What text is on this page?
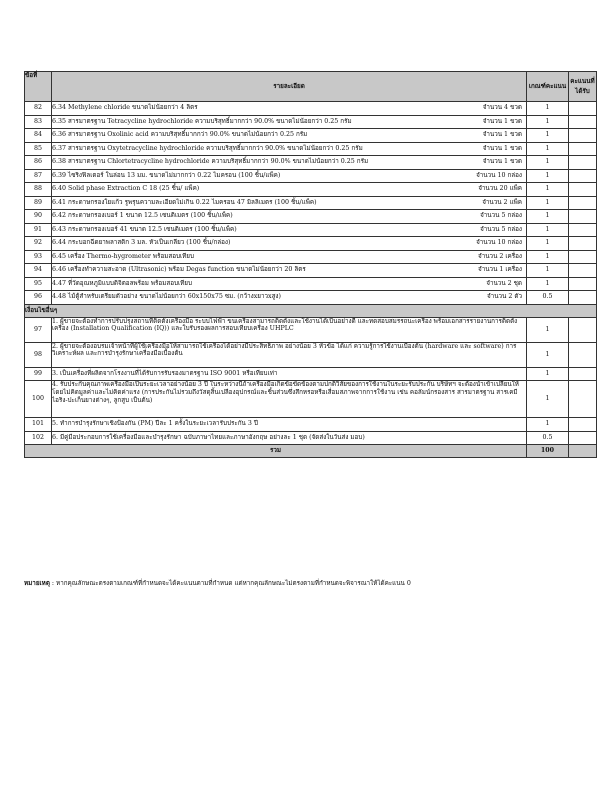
ข้อที่	รายละเอียด	เกณฑ์คะแนน	คะแนนที่ได้รับ
82	6.34 Methylene chloride ขนาดไม่น้อยกว่า 4 ลิตร จำนวน 4 ขวด	1	
83	6.35 สารมาตรฐาน Tetracycline hydrochloride ความบริสุทธิ์มากกว่า 90.0% ขนาดไม่น้อยกว่า 0.25 กรัม จำนวน 1 ขวด	1	
84	6.36 สารมาตรฐาน Oxolinic acid ความบริสุทธิ์มากกว่า 90.0% ขนาดไม่น้อยกว่า 0.25 กรัม จำนวน 1 ขวด	1	
85	6.37 สารมาตรฐาน Oxytetracycline hydrochloride ความบริสุทธิ์มากกว่า 90.0% ขนาดไม่น้อยกว่า 0.25 กรัม จำนวน 1 ขวด	1	
86	6.38 สารมาตรฐาน Chlortetracycline hydrochloride ความบริสุทธิ์มากกว่า 90.0% ขนาดไม่น้อยกว่า 0.25 กรัม จำนวน 1 ขวด	1	
87	6.39 ไซริงฟิลเตอร์ ในล่อน 13 มม. ขนาดไม่มากกว่า 0.22 ไมครอน (100 ชิ้น/แพ็ค) จำนวน 10 กล่อง	1	
88	6.40 Solid phase Extraction C 18 (25 ชิ้น/ แพ็ค) จำนวน 20 แพ็ค	1	
89	6.41 กระดาษกรองใยแก้ว รูพรุนความละเอียดไม่เกิน 0.22 ไมครอน 47 มิลลิเมตร (100 ชิ้น/แพ็ค) จำนวน 2 แพ็ค	1	
90	6.42 กระดาษกรองเบอร์ 1 ขนาด 12.5 เซนติเมตร (100 ชิ้น/แพ็ค) จำนวน 5 กล่อง	1	
91	6.43 กระดาษกรองเบอร์ 41 ขนาด 12.5 เซนติเมตร (100 ชิ้น/แพ็ค) จำนวน 5 กล่อง	1	
92	6.44 กระบอกฉีดยาพลาสติก 3 มล. หัวเป็นเกลียว (100 ชิ้น/กล่อง) จำนวน 10 กล่อง	1	
93	6.45 เครื่อง Thermo-hygrometer พร้อมสอบเทียบ จำนวน 2 เครื่อง	1	
94	6.46 เครื่องทำความสะอาด (Ultrasonic) พร้อม Degas function ขนาดไม่น้อยกว่า 20 ลิตร จำนวน 1 เครื่อง	1	
95	4.47 ที่วัดอุณหภูมิแบบดิจิตอลพร้อม พร้อมสอบเทียบ จำนวน 2 ชุด	1	
96	4.48 ไม้ตู้สำหรับเตรียมตัวอย่าง ขนาดไม่น้อยกว่า 60x150x75 ซม. (กว้างxยาวxสูง) จำนวน 2 ตัว	0.5	
เงื่อนไขอื่นๆ			
97	1. ผู้ขายจะต้องทำการปรับปรุงสถานที่ติดตั้งเครื่องมือ ระบบไฟฟ้า ขนเครื่องสามารถติดตั้งและใช้งานได้เป็นอย่างดี และทดสอบสมรรถนะเครื่อง พร้อมเอกสารรายงานการติดตั้งเครื่อง (Installation Qualification (IQ)) และใบรับรองผลการสอบเทียบเครื่อง UHPLC	1	
98	2. ผู้ขายจะต้องอบรมเจ้าหน้าที่ผู้ใช้เครื่องมือให้สามารถใช้เครื่องได้อย่างมีประสิทธิภาพ อย่างน้อย 3 หัวข้อ ได้แก่ ความรู้การใช้งานเบื้องต้น (hardware และ software) การวิเคราะห์ผล และการบำรุงรักษาเครื่องมือเบื้องต้น	1	
99	3. เป็นเครื่องที่ผลิตจากโรงงานที่ได้รับการรับรองมาตรฐาน ISO 9001 หรือเทียบเท่า	1	
100	4. รับประกันคุณภาพเครื่องมือเป็นระยะเวลาอย่างน้อย 3 ปี ในระหว่างนี้ถ้าเครื่องมือเกิดข้อขัดข้องตามปกติวิสัยของการใช้งานในระยะรับประกัน บริษัทฯ จะต้องนำเข้าเปลี่ยนให้โดยไม่คิดมูลค่าและไม่คิดค่าแรง (การประกันไม่รวมถึงวัสดุสิ้นเปลืองอุปกรณ์และชิ้นส่วนซึ่งสึกหรอหรือเสื่อมสภาพจากการใช้งาน เช่น คอลัมน์กรองสาร สารมาตรฐาน สารเคมี ไอริง-ปะเก็นยางต่างๆ, ลูกสูบ เป็นต้น)	1	
101	5. ทำการบำรุงรักษาเชิงป้องกัน (PM) ปีละ 1 ครั้งในระยะเวลารับประกัน 3 ปี	1	
102	6. มีคู่มือประกอบการใช้เครื่องมือและบำรุงรักษา ฉบับภาษาไทยและภาษาอังกฤษ อย่างละ 1 ชุด (จัดส่งในวันส่ง มอบ)	0.5	
รวม		100	

หมายเหตุ : หากคุณลักษณะตรงตามเกณฑ์ที่กำหนดจะได้คะแนนตามที่กำหนด แต่หากคุณลักษณะไม่ตรงตามที่กำหนดจะพิจารณาให้ได้คะแนน 0
